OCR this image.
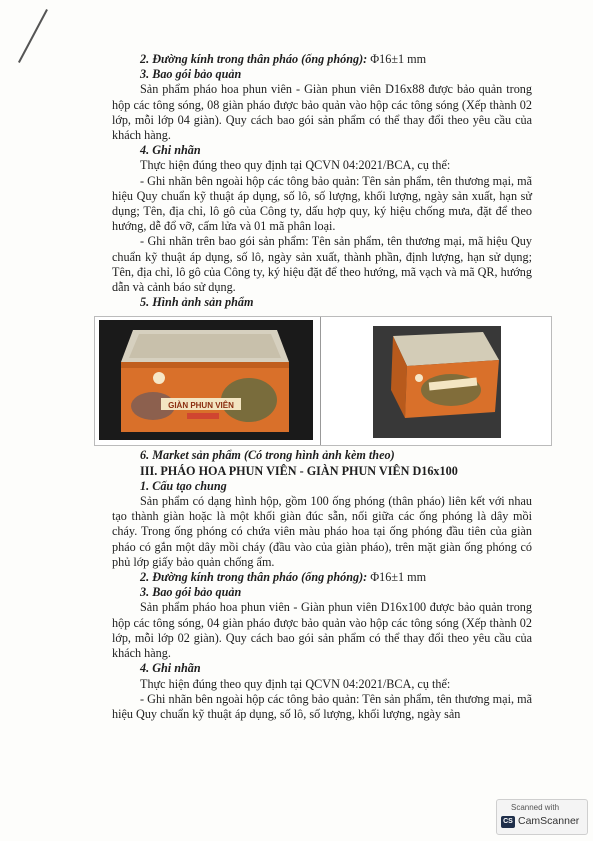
2. Đường kính trong thân pháo (ống phóng): Φ16±1 mm

3. Bao gói bảo quản

Sản phẩm pháo hoa phun viên - Giàn phun viên D16x88 được bảo quản trong hộp các tông sóng, 08 giàn pháo được bảo quản vào hộp các tông sóng (Xếp thành 02 lớp, mỗi lớp 04 giàn). Quy cách bao gói sản phẩm có thể thay đổi theo yêu cầu của khách hàng.

4. Ghi nhãn

Thực hiện đúng theo quy định tại QCVN 04:2021/BCA, cụ thể:

- Ghi nhãn bên ngoài hộp các tông bảo quản: Tên sản phẩm, tên thương mại, mã hiệu Quy chuẩn kỹ thuật áp dụng, số lô, số lượng, khối lượng, ngày sản xuất, hạn sử dụng; Tên, địa chỉ, lô gô của Công ty, dấu hợp quy, ký hiệu chống mưa, đặt để theo hướng, dễ đổ vỡ, cấm lửa và 01 mã phân loại.

- Ghi nhãn trên bao gói sản phẩm: Tên sản phẩm, tên thương mại, mã hiệu Quy chuẩn kỹ thuật áp dụng, số lô, ngày sản xuất, thành phần, định lượng, hạn sử dụng; Tên, địa chỉ, lô gô của Công ty, ký hiệu đặt để theo hướng, mã vạch và mã QR, hướng dẫn và cảnh báo sử dụng.

5. Hình ảnh sản phẩm

GIÀN PHUN VIÊN

6. Market sản phẩm (Có trong hình ảnh kèm theo)

III. PHÁO HOA PHUN VIÊN - GIÀN PHUN VIÊN D16x100

1. Cấu tạo chung

Sản phẩm có dạng hình hộp, gồm 100 ống phóng (thân pháo) liên kết với nhau tạo thành giàn hoặc là một khối giàn đúc sẵn, nối giữa các ống phóng là dây mồi cháy. Trong ống phóng có chứa viên màu pháo hoa tại ống phóng đầu tiên của giàn pháo có gắn một dây mồi cháy (đầu vào của giàn pháo), trên mặt giàn ống phóng có phủ lớp giấy bảo quản chống ẩm.

2. Đường kính trong thân pháo (ống phóng): Φ16±1 mm

3. Bao gói bảo quản

Sản phẩm pháo hoa phun viên - Giàn phun viên D16x100 được bảo quản trong hộp các tông sóng, 04 giàn pháo được bảo quản vào hộp các tông sóng (Xếp thành 02 lớp, mỗi lớp 02 giàn). Quy cách bao gói sản phẩm có thể thay đổi theo yêu cầu của khách hàng.

4. Ghi nhãn

Thực hiện đúng theo quy định tại QCVN 04:2021/BCA, cụ thể:

- Ghi nhãn bên ngoài hộp các tông bảo quản: Tên sản phẩm, tên thương mại, mã hiệu Quy chuẩn kỹ thuật áp dụng, số lô, số lượng, khối lượng, ngày sản

Scanned with
CS CamScanner
